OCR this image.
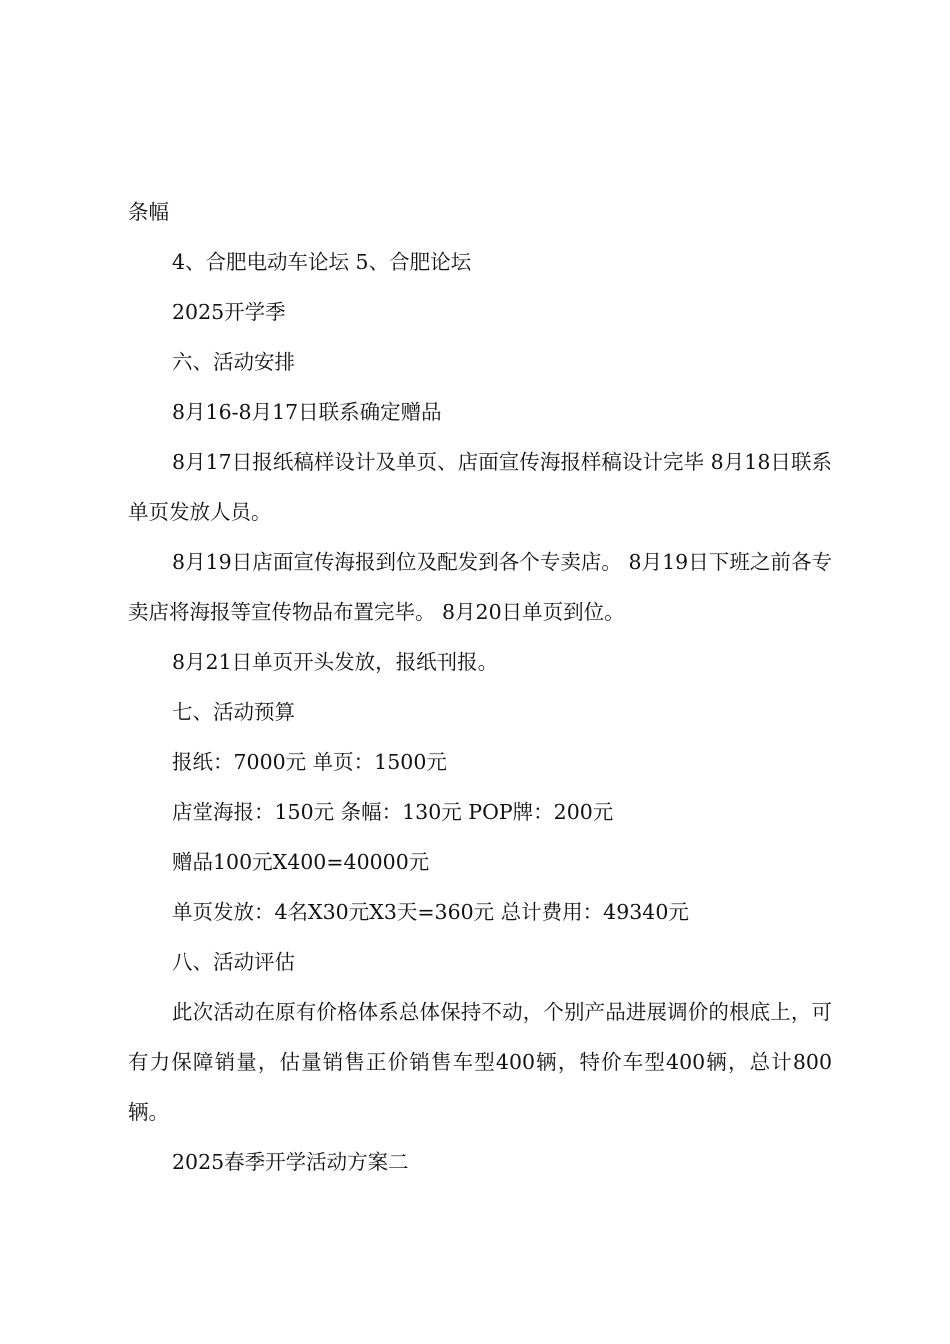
条幅

4、合肥电动车论坛 5、合肥论坛

2025开学季

六、活动安排

8月16-8月17日联系确定赠品

8月17日报纸稿样设计及单页、店面宣传海报样稿设计完毕 8月18日联系单页发放人员。

8月19日店面宣传海报到位及配发到各个专卖店。 8月19日下班之前各专卖店将海报等宣传物品布置完毕。 8月20日单页到位。

8月21日单页开头发放，报纸刊报。

七、活动预算

报纸：7000元 单页：1500元

店堂海报：150元 条幅：130元 POP牌：200元

赠品100元X400=40000元

单页发放：4名X30元X3天=360元 总计费用：49340元

八、活动评估

此次活动在原有价格体系总体保持不动，个别产品进展调价的根底上，可有力保障销量，估量销售正价销售车型400辆，特价车型400辆，总计800辆。

2025春季开学活动方案二
